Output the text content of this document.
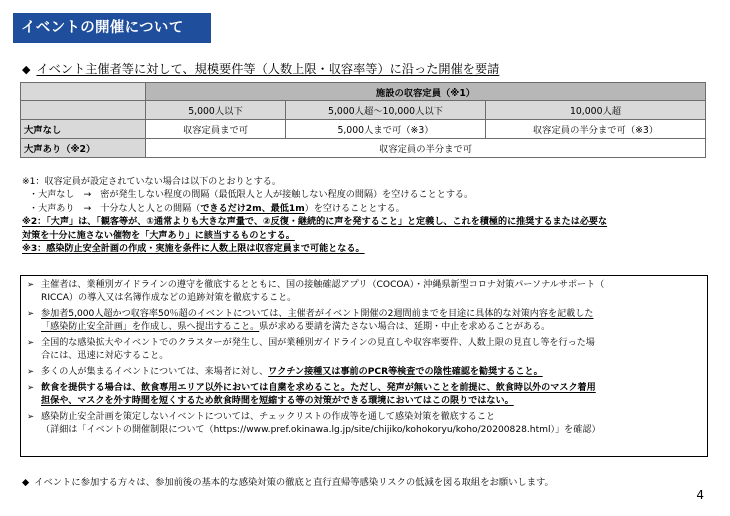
イベントの開催について
◆ イベント主催者等に対して、規模要件等（人数上限・収容率等）に沿った開催を要請
	施設の収容定員（※1）		
	5,000人以下	5,000人超～10,000人以下	10,000人超
大声なし	収容定員まで可	5,000人まで可（※3）	収容定員の半分まで可（※3）
大声あり（※2）	収容定員の半分まで可		
※1：収容定員が設定されていない場合は以下のとおりとする。
・大声なし　→　密が発生しない程度の間隔（最低限人と人が接触しない程度の間隔）を空けることとする。
・大声あり　→　十分な人と人との間隔（できるだけ2m、最低1m）を空けることとする。
※2：「大声」は、「観客等が、①通常よりも大きな声量で、②反復・継続的に声を発すること」と定義し、これを積極的に推奨するまたは必要な
対策を十分に施さない催物を「大声あり」に該当するものとする。
※3：感染防止安全計画の作成・実施を条件に人数上限は収容定員まで可能となる。
➢ 主催者は、業種別ガイドラインの遵守を徹底するとともに、国の接触確認アプリ（COCOA）・沖縄県新型コロナ対策パーソナルサポート（
RICCA）の導入又は名簿作成などの追跡対策を徹底すること。
➢ 参加者5,000人超かつ収容率50％超のイベントについては、主催者がイベント開催の2週間前までを目途に具体的な対策内容を記載した
「感染防止安全計画」を作成し、県へ提出すること。県が求める要請を満たさない場合は、延期・中止を求めることがある。
➢ 全国的な感染拡大やイベントでのクラスターが発生し、国が業種別ガイドラインの見直しや収容率要件、人数上限の見直し等を行った場
合には、迅速に対応すること。
➢ 多くの人が集まるイベントについては、来場者に対し、ワクチン接種又は事前のPCR等検査での陰性確認を勧奨すること。
➢ 飲食を提供する場合は、飲食専用エリア以外においては自粛を求めること。ただし、発声が無いことを前提に、飲食時以外のマスク着用
担保や、マスクを外す時間を短くするため飲食時間を短縮する等の対策ができる環境においてはこの限りではない。
➢ 感染防止安全計画を策定しないイベントについては、チェックリストの作成等を通して感染対策を徹底すること
（詳細は「イベントの開催制限について（https://www.pref.okinawa.lg.jp/site/chijiko/kohokoryu/koho/20200828.html）」を確認）
◆ イベントに参加する方々は、参加前後の基本的な感染対策の徹底と直行直帰等感染リスクの低減を図る取組をお願いします。
4
